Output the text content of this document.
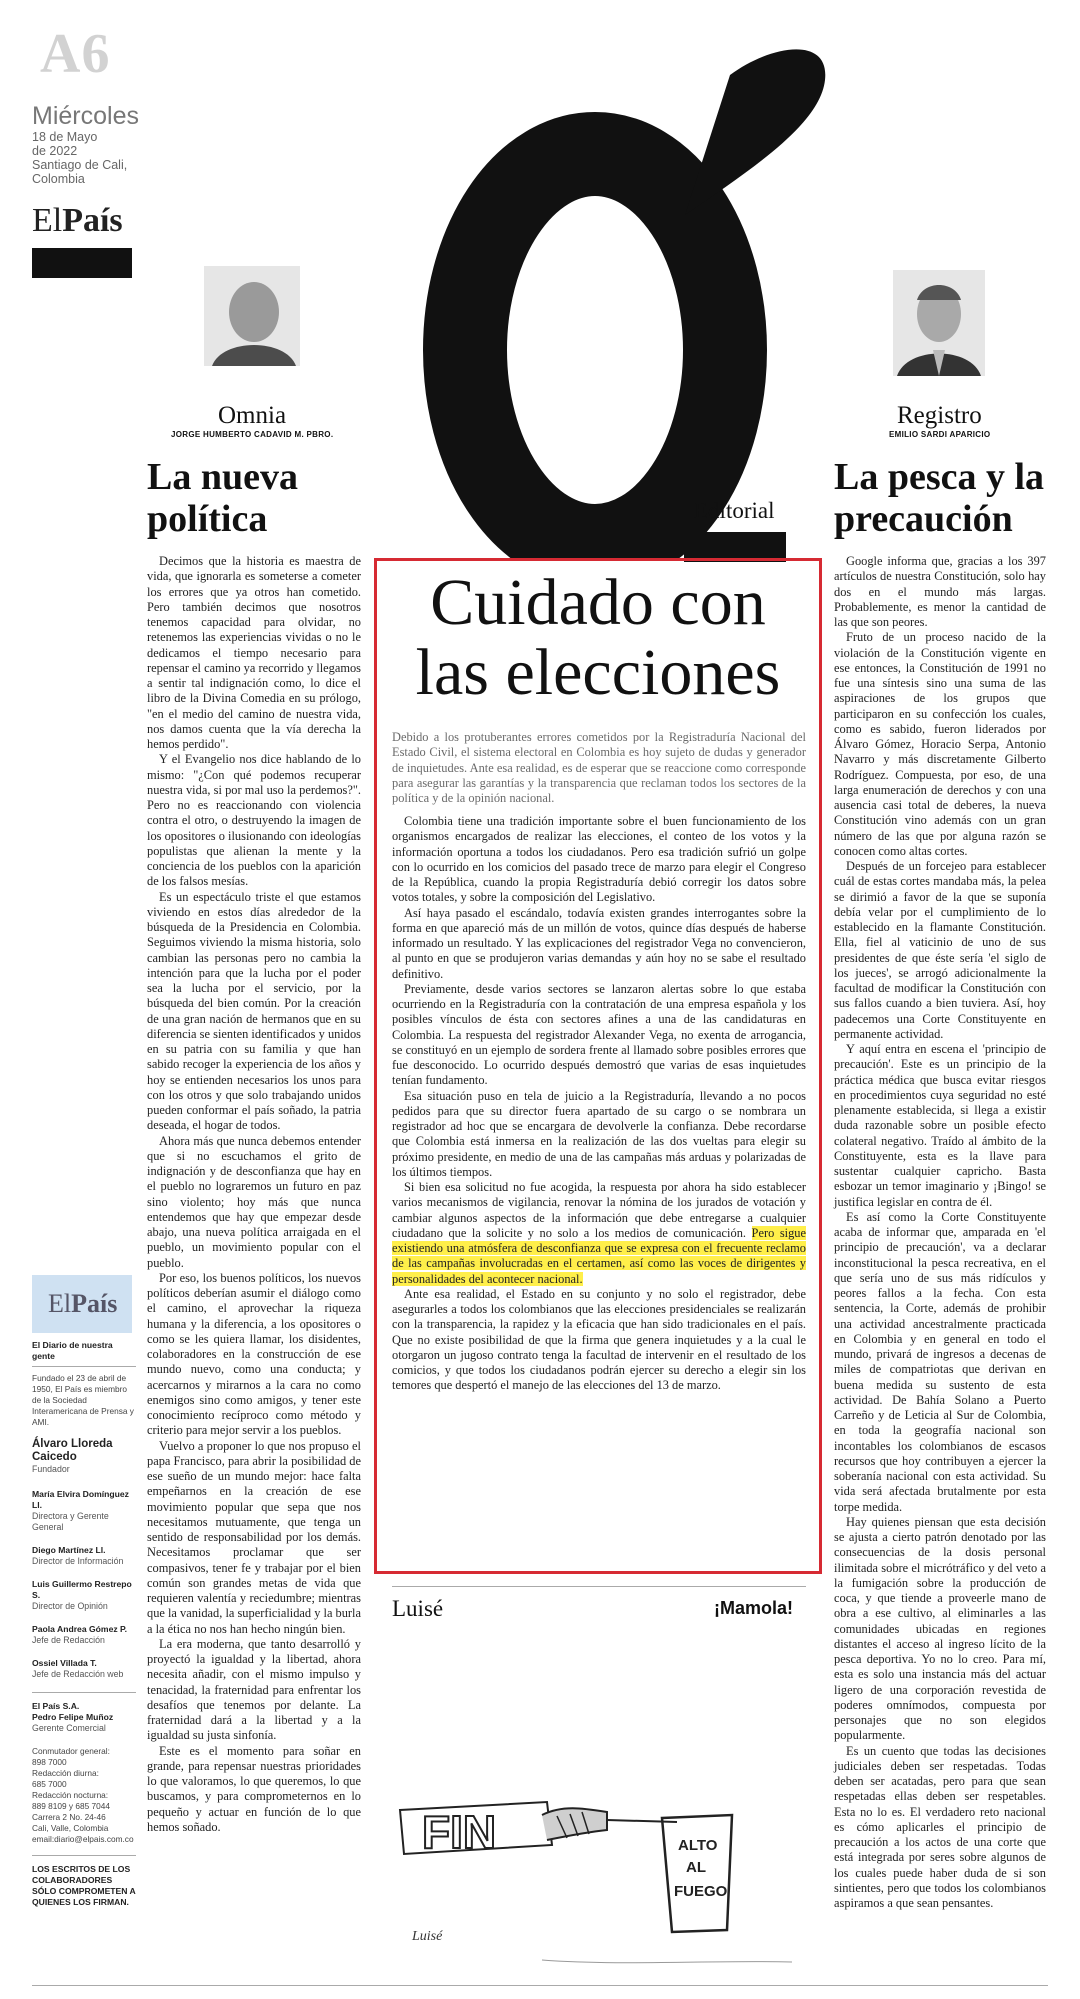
A6
Miércoles
18 de Mayo
de 2022
Santiago de Cali,
Colombia
ElPaís
Omnia
JORGE HUMBERTO CADAVID M. PBRO.
La nueva
política

Decimos que la historia es maestra de vida, que ignorarla es someterse a cometer los errores que ya otros han cometido. Pero también decimos que nosotros tenemos capacidad para olvidar, no retenemos las experiencias vividas o no le dedicamos el tiempo necesario para repensar el camino ya recorrido y llegamos a sentir tal indignación como, lo dice el libro de la Divina Comedia en su prólogo, "en el medio del camino de nuestra vida, nos damos cuenta que la vía derecha la hemos perdido".

Y el Evangelio nos dice hablando de lo mismo: "¿Con qué podemos recuperar nuestra vida, si por mal uso la perdemos?". Pero no es reaccionando con violencia contra el otro, o destruyendo la imagen de los opositores o ilusionando con ideologías populistas que alienan la mente y la conciencia de los pueblos con la aparición de los falsos mesías.

Es un espectáculo triste el que estamos viviendo en estos días alrededor de la búsqueda de la Presidencia en Colombia. Seguimos viviendo la misma historia, solo cambian las personas pero no cambia la intención para que la lucha por el poder sea la lucha por el servicio, por la búsqueda del bien común. Por la creación de una gran nación de hermanos que en su diferencia se sienten identificados y unidos en su patria con su familia y que han sabido recoger la experiencia de los años y hoy se entienden necesarios los unos para con los otros y que solo trabajando unidos pueden conformar el país soñado, la patria deseada, el hogar de todos.

Ahora más que nunca debemos entender que si no escuchamos el grito de indignación y de desconfianza que hay en el pueblo no lograremos un futuro en paz sino violento; hoy más que nunca entendemos que hay que empezar desde abajo, una nueva política arraigada en el pueblo, un movimiento popular con el pueblo.

Por eso, los buenos políticos, los nuevos políticos deberían asumir el diálogo como el camino, el aprovechar la riqueza humana y la diferencia, a los opositores o como se les quiera llamar, los disidentes, colaboradores en la construcción de ese mundo nuevo, como una conducta; y acercarnos y mirarnos a la cara no como enemigos sino como amigos, y tener este conocimiento recíproco como método y criterio para mejor servir a los pueblos.

Vuelvo a proponer lo que nos propuso el papa Francisco, para abrir la posibilidad de ese sueño de un mundo mejor: hace falta empeñarnos en la creación de ese movimiento popular que sepa que nos necesitamos mutuamente, que tenga un sentido de responsabilidad por los demás. Necesitamos proclamar que ser compasivos, tener fe y trabajar por el bien común son grandes metas de vida que requieren valentía y reciedumbre; mientras que la vanidad, la superficialidad y la burla a la ética no nos han hecho ningún bien.

La era moderna, que tanto desarrolló y proyectó la igualdad y la libertad, ahora necesita añadir, con el mismo impulso y tenacidad, la fraternidad para enfrentar los desafíos que tenemos por delante. La fraternidad dará a la libertad y a la igualdad su justa sinfonía.

Este es el momento para soñar en grande, para repensar nuestras prioridades lo que valoramos, lo que queremos, lo que buscamos, y para comprometernos en lo pequeño y actuar en función de lo que hemos soñado.

ElPaís
El Diario de nuestra gente
Fundado el 23 de abril de 1950, El País es miembro de la Sociedad Interamericana de Prensa y AMI.
Álvaro Lloreda Caicedo
Fundador
María Elvira Domínguez Ll.
Directora y Gerente General
Diego Martínez Ll.
Director de Información
Luis Guillermo Restrepo S.
Director de Opinión
Paola Andrea Gómez P.
Jefe de Redacción
Ossiel Villada T.
Jefe de Redacción web
El País S.A.
Pedro Felipe Muñoz
Gerente Comercial
Conmutador general:
898 7000
Redacción diurna:
685 7000
Redacción nocturna:
889 8109 y 685 7044
Carrera 2 No. 24-46
Cali, Valle, Colombia
email:diario@elpais.com.co
LOS ESCRITOS DE LOS COLABORADORES SÓLO COMPROMETEN A QUIENES LOS FIRMAN.
Editorial
Cuidado con
las elecciones
Debido a los protuberantes errores cometidos por la Registraduría Nacional del Estado Civil, el sistema electoral en Colombia es hoy sujeto de dudas y generador de inquietudes. Ante esa realidad, es de esperar que se reaccione como corresponde para asegurar las garantías y la transparencia que reclaman todos los sectores de la política y de la opinión nacional.

Colombia tiene una tradición importante sobre el buen funcionamiento de los organismos encargados de realizar las elecciones, el conteo de los votos y la información oportuna a todos los ciudadanos. Pero esa tradición sufrió un golpe con lo ocurrido en los comicios del pasado trece de marzo para elegir el Congreso de la República, cuando la propia Registraduría debió corregir los datos sobre votos totales, y sobre la composición del Legislativo.

Así haya pasado el escándalo, todavía existen grandes interrogantes sobre la forma en que apareció más de un millón de votos, quince días después de haberse informado un resultado. Y las explicaciones del registrador Vega no convencieron, al punto en que se produjeron varias demandas y aún hoy no se sabe el resultado definitivo.

Previamente, desde varios sectores se lanzaron alertas sobre lo que estaba ocurriendo en la Registraduría con la contratación de una empresa española y los posibles vínculos de ésta con sectores afines a una de las candidaturas en Colombia. La respuesta del registrador Alexander Vega, no exenta de arrogancia, se constituyó en un ejemplo de sordera frente al llamado sobre posibles errores que fue desconocido. Lo ocurrido después demostró que varias de esas inquietudes tenían fundamento.

Esa situación puso en tela de juicio a la Registraduría, llevando a no pocos pedidos para que su director fuera apartado de su cargo o se nombrara un registrador ad hoc que se encargara de devolverle la confianza. Debe recordarse que Colombia está inmersa en la realización de las dos vueltas para elegir su próximo presidente, en medio de una de las campañas más arduas y polarizadas de los últimos tiempos.

Si bien esa solicitud no fue acogida, la respuesta por ahora ha sido establecer varios mecanismos de vigilancia, renovar la nómina de los jurados de votación y cambiar algunos aspectos de la información que debe entregarse a cualquier ciudadano que la solicite y no solo a los medios de comunicación. Pero sigue existiendo una atmósfera de desconfianza que se expresa con el frecuente reclamo de las campañas involucradas en el certamen, así como las voces de dirigentes y personalidades del acontecer nacional.

Ante esa realidad, el Estado en su conjunto y no solo el registrador, debe asegurarles a todos los colombianos que las elecciones presidenciales se realizarán con la transparencia, la rapidez y la eficacia que han sido tradicionales en el país. Que no existe posibilidad de que la firma que genera inquietudes y a la cual le otorgaron un jugoso contrato tenga la facultad de intervenir en el resultado de los comicios, y que todos los ciudadanos podrán ejercer su derecho a elegir sin los temores que despertó el manejo de las elecciones del 13 de marzo.

Luisé	¡Mamola!
FIN	ALTO
AL
FUEGO
Luisé
Registro
EMILIO SARDI APARICIO
La pesca y la
precaución

Google informa que, gracias a los 397 artículos de nuestra Constitución, solo hay dos en el mundo más largas. Probablemente, es menor la cantidad de las que son peores.

Fruto de un proceso nacido de la violación de la Constitución vigente en ese entonces, la Constitución de 1991 no fue una síntesis sino una suma de las aspiraciones de los grupos que participaron en su confección los cuales, como es sabido, fueron liderados por Álvaro Gómez, Horacio Serpa, Antonio Navarro y más discretamente Gilberto Rodríguez. Compuesta, por eso, de una larga enumeración de derechos y con una ausencia casi total de deberes, la nueva Constitución vino además con un gran número de las que por alguna razón se conocen como altas cortes.

Después de un forcejeo para establecer cuál de estas cortes mandaba más, la pelea se dirimió a favor de la que se suponía debía velar por el cumplimiento de lo establecido en la flamante Constitución. Ella, fiel al vaticinio de uno de sus presidentes de que éste sería 'el siglo de los jueces', se arrogó adicionalmente la facultad de modificar la Constitución con sus fallos cuando a bien tuviera. Así, hoy padecemos una Corte Constituyente en permanente actividad.

Y aquí entra en escena el 'principio de precaución'. Este es un principio de la práctica médica que busca evitar riesgos en procedimientos cuya seguridad no esté plenamente establecida, si llega a existir duda razonable sobre un posible efecto colateral negativo. Traído al ámbito de la Constituyente, esta es la llave para sustentar cualquier capricho. Basta esbozar un temor imaginario y ¡Bingo! se justifica legislar en contra de él.

Es así como la Corte Constituyente acaba de informar que, amparada en 'el principio de precaución', va a declarar inconstitucional la pesca recreativa, en el que sería uno de sus más ridículos y peores fallos a la fecha. Con esta sentencia, la Corte, además de prohibir una actividad ancestralmente practicada en Colombia y en general en todo el mundo, privará de ingresos a decenas de miles de compatriotas que derivan en buena medida su sustento de esta actividad. De Bahía Solano a Puerto Carreño y de Leticia al Sur de Colombia, en toda la geografía nacional son incontables los colombianos de escasos recursos que hoy contribuyen a ejercer la soberanía nacional con esta actividad. Su vida será afectada brutalmente por esta torpe medida.

Hay quienes piensan que esta decisión se ajusta a cierto patrón denotado por las consecuencias de la dosis personal ilimitada sobre el micrótráfico y del veto a la fumigación sobre la producción de coca, y que tiende a proveerle mano de obra a ese cultivo, al eliminarles a las comunidades ubicadas en regiones distantes el acceso al ingreso lícito de la pesca deportiva. Yo no lo creo. Para mí, esta es solo una instancia más del actuar ligero de una corporación revestida de poderes omnímodos, compuesta por personajes que no son elegidos popularmente.

Es un cuento que todas las decisiones judiciales deben ser respetadas. Todas deben ser acatadas, pero para que sean respetadas ellas deben ser respetables. Esta no lo es. El verdadero reto nacional es cómo aplicarles el principio de precaución a los actos de una corte que está integrada por seres sobre algunos de los cuales puede haber duda de si son sintientes, pero que todos los colombianos aspiramos a que sean pensantes.
